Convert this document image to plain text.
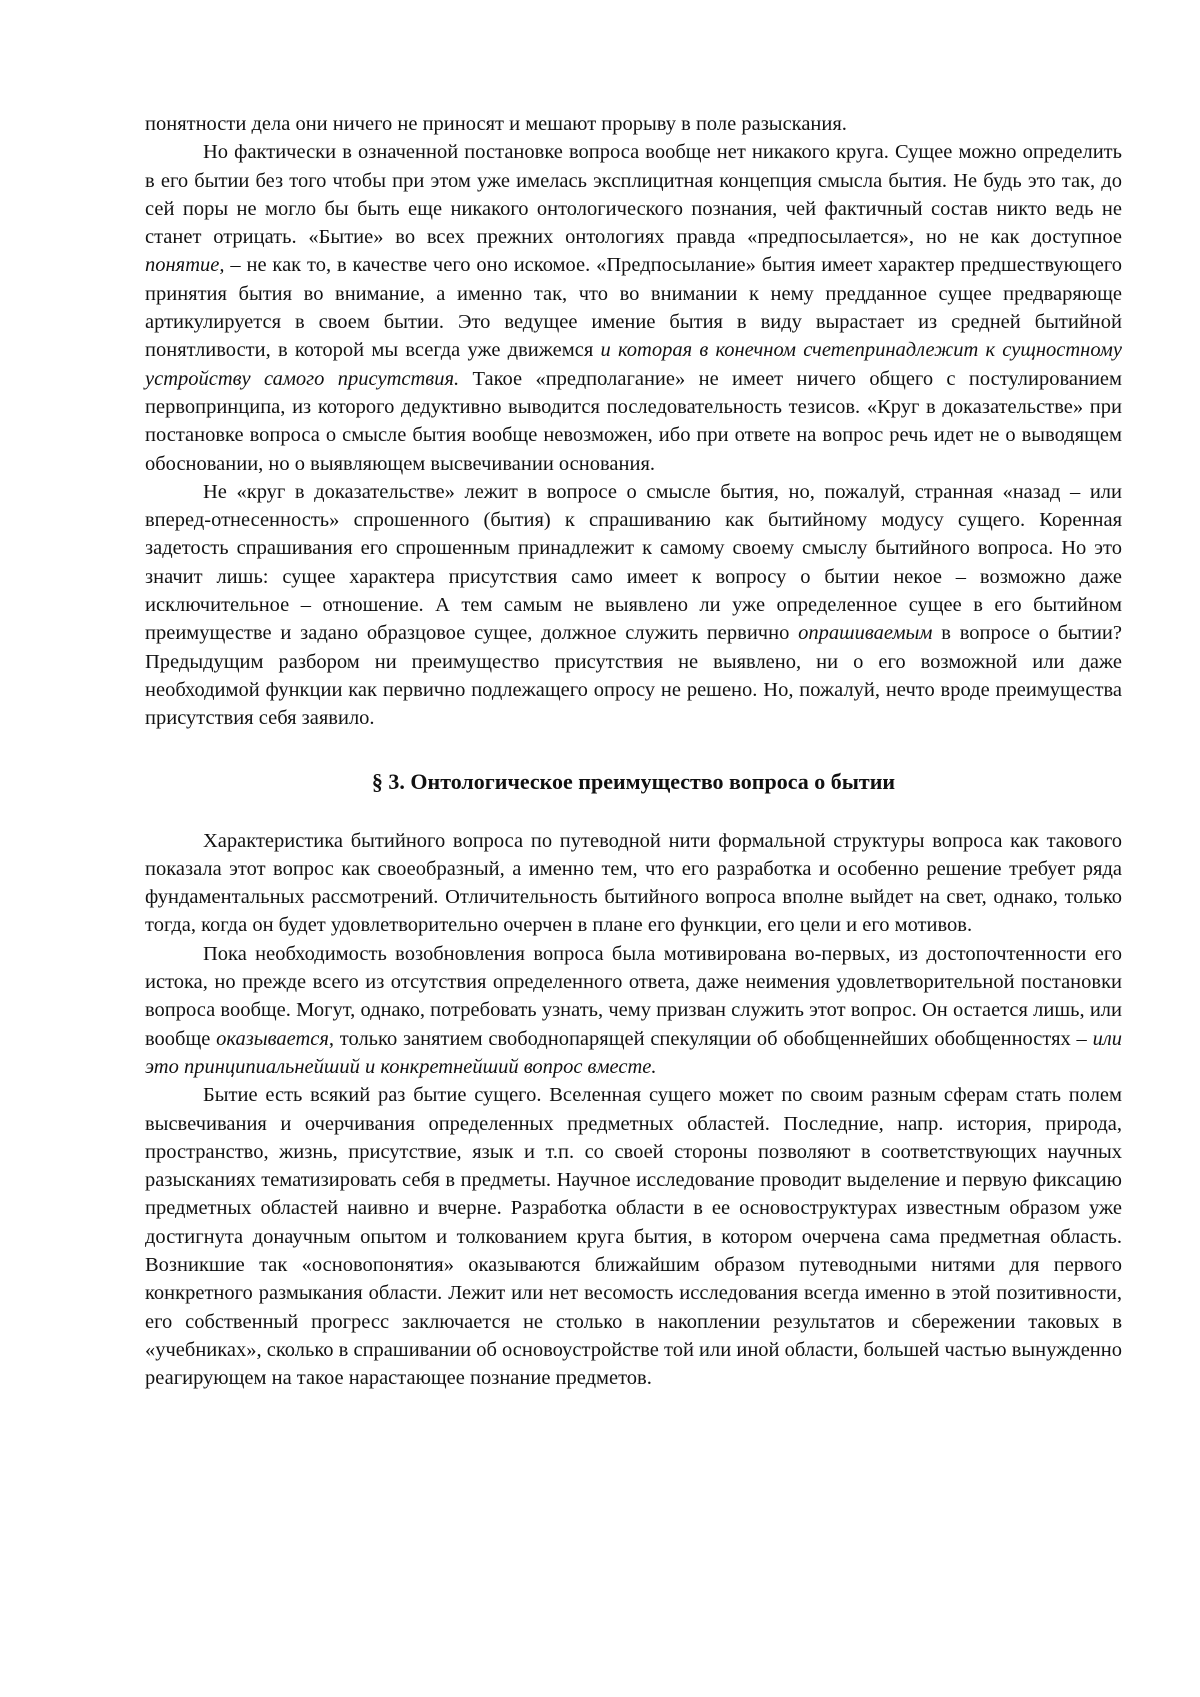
понятности дела они ничего не приносят и мешают прорыву в поле разыскания.

Но фактически в означенной постановке вопроса вообще нет никакого круга. Сущее можно определить в его бытии без того чтобы при этом уже имелась эксплицитная концепция смысла бытия. Не будь это так, до сей поры не могло бы быть еще никакого онтологического познания, чей фактичный состав никто ведь не станет отрицать. «Бытие» во всех прежних онтологиях правда «предпосылается», но не как доступное понятие, – не как то, в качестве чего оно искомое. «Предпосылание» бытия имеет характер предшествующего принятия бытия во внимание, а именно так, что во внимании к нему предданное сущее предваряюще артикулируется в своем бытии. Это ведущее имение бытия в виду вырастает из средней бытийной понятливости, в которой мы всегда уже движемся и которая в конечном счетепринадлежит к сущностному устройству самого присутствия. Такое «предполагание» не имеет ничего общего с постулированием первопринципа, из которого дедуктивно выводится последовательность тезисов. «Круг в доказательстве» при постановке вопроса о смысле бытия вообще невозможен, ибо при ответе на вопрос речь идет не о выводящем обосновании, но о выявляющем высвечивании основания.

Не «круг в доказательстве» лежит в вопросе о смысле бытия, но, пожалуй, странная «назад – или вперед-отнесенность» спрошенного (бытия) к спрашиванию как бытийному модусу сущего. Коренная задетость спрашивания его спрошенным принадлежит к самому своему смыслу бытийного вопроса. Но это значит лишь: сущее характера присутствия само имеет к вопросу о бытии некое – возможно даже исключительное – отношение. А тем самым не выявлено ли уже определенное сущее в его бытийном преимуществе и задано образцовое сущее, должное служить первично опрашиваемым в вопросе о бытии? Предыдущим разбором ни преимущество присутствия не выявлено, ни о его возможной или даже необходимой функции как первично подлежащего опросу не решено. Но, пожалуй, нечто вроде преимущества присутствия себя заявило.

§ 3. Онтологическое преимущество вопроса о бытии

Характеристика бытийного вопроса по путеводной нити формальной структуры вопроса как такового показала этот вопрос как своеобразный, а именно тем, что его разработка и особенно решение требует ряда фундаментальных рассмотрений. Отличительность бытийного вопроса вполне выйдет на свет, однако, только тогда, когда он будет удовлетворительно очерчен в плане его функции, его цели и его мотивов.

Пока необходимость возобновления вопроса была мотивирована во-первых, из достопочтенности его истока, но прежде всего из отсутствия определенного ответа, даже неимения удовлетворительной постановки вопроса вообще. Могут, однако, потребовать узнать, чему призван служить этот вопрос. Он остается лишь, или вообще оказывается, только занятием свободнопарящей спекуляции об обобщеннейших обобщенностях – или это принципиальнейший и конкретнейший вопрос вместе.

Бытие есть всякий раз бытие сущего. Вселенная сущего может по своим разным сферам стать полем высвечивания и очерчивания определенных предметных областей. Последние, напр. история, природа, пространство, жизнь, присутствие, язык и т.п. со своей стороны позволяют в соответствующих научных разысканиях тематизировать себя в предметы. Научное исследование проводит выделение и первую фиксацию предметных областей наивно и вчерне. Разработка области в ее основоструктурах известным образом уже достигнута донаучным опытом и толкованием круга бытия, в котором очерчена сама предметная область. Возникшие так «основопонятия» оказываются ближайшим образом путеводными нитями для первого конкретного размыкания области. Лежит или нет весомость исследования всегда именно в этой позитивности, его собственный прогресс заключается не столько в накоплении результатов и сбережении таковых в «учебниках», сколько в спрашивании об основоустройстве той или иной области, большей частью вынужденно реагирующем на такое нарастающее познание предметов.
